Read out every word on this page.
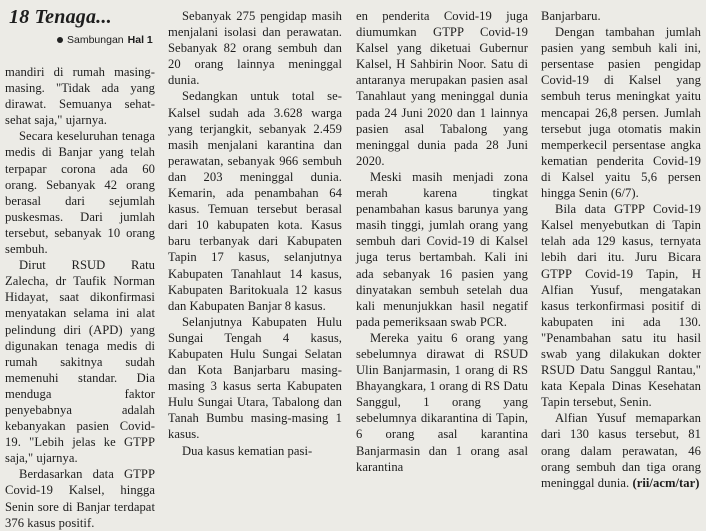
18 Tenaga...
Sambungan Hal 1

mandiri di rumah masing-masing. "Tidak ada yang dirawat. Semuanya sehat-sehat saja," ujarnya.

Secara keseluruhan tenaga medis di Banjar yang telah terpapar corona ada 60 orang. Sebanyak 42 orang berasal dari sejumlah puskesmas. Dari jumlah tersebut, sebanyak 10 orang sembuh.

Dirut RSUD Ratu Zalecha, dr Taufik Norman Hidayat, saat dikonfirmasi menyatakan selama ini alat pelindung diri (APD) yang digunakan tenaga medis di rumah sakitnya sudah memenuhi standar. Dia menduga faktor penyebabnya adalah kebanyakan pasien Covid-19. "Lebih jelas ke GTPP saja," ujarnya.

Berdasarkan data GTPP Covid-19 Kalsel, hingga Senin sore di Banjar terdapat 376 kasus positif.

Sebanyak 275 pengidap masih menjalani isolasi dan perawatan. Sebanyak 82 orang sembuh dan 20 orang lainnya meninggal dunia.

Sedangkan untuk total se-Kalsel sudah ada 3.628 warga yang terjangkit, sebanyak 2.459 masih menjalani karantina dan perawatan, sebanyak 966 sembuh dan 203 meninggal dunia. Kemarin, ada penambahan 64 kasus. Temuan tersebut berasal dari 10 kabupaten kota. Kasus baru terbanyak dari Kabupaten Tapin 17 kasus, selanjutnya Kabupaten Tanahlaut 14 kasus, Kabupaten Baritokuala 12 kasus dan Kabupaten Banjar 8 kasus.

Selanjutnya Kabupaten Hulu Sungai Tengah 4 kasus, Kabupaten Hulu Sungai Selatan dan Kota Banjarbaru masing-masing 3 kasus serta Kabupaten Hulu Sungai Utara, Tabalong dan Tanah Bumbu masing-masing 1 kasus.

Dua kasus kematian pasi-

en penderita Covid-19 juga diumumkan GTPP Covid-19 Kalsel yang diketuai Gubernur Kalsel, H Sahbirin Noor. Satu di antaranya merupakan pasien asal Tanahlaut yang meninggal dunia pada 24 Juni 2020 dan 1 lainnya pasien asal Tabalong yang meninggal dunia pada 28 Juni 2020.

Meski masih menjadi zona merah karena tingkat penambahan kasus barunya yang masih tinggi, jumlah orang yang sembuh dari Covid-19 di Kalsel juga terus bertambah. Kali ini ada sebanyak 16 pasien yang dinyatakan sembuh setelah dua kali menunjukkan hasil negatif pada pemeriksaan swab PCR.

Mereka yaitu 6 orang yang sebelumnya dirawat di RSUD Ulin Banjarmasin, 1 orang di RS Bhayangkara, 1 orang di RS Datu Sanggul, 1 orang yang sebelumnya dikarantina di Tapin, 6 orang asal karantina Banjarmasin dan 1 orang asal karantina

Banjarbaru.

Dengan tambahan jumlah pasien yang sembuh kali ini, persentase pasien pengidap Covid-19 di Kalsel yang sembuh terus meningkat yaitu mencapai 26,8 persen. Jumlah tersebut juga otomatis makin memperkecil persentase angka kematian penderita Covid-19 di Kalsel yaitu 5,6 persen hingga Senin (6/7).

Bila data GTPP Covid-19 Kalsel menyebutkan di Tapin telah ada 129 kasus, ternyata lebih dari itu. Juru Bicara GTPP Covid-19 Tapin, H Alfian Yusuf, mengatakan kasus terkonfirmasi positif di kabupaten ini ada 130. "Penambahan satu itu hasil swab yang dilakukan dokter RSUD Datu Sanggul Rantau," kata Kepala Dinas Kesehatan Tapin tersebut, Senin.

Alfian Yusuf memaparkan dari 130 kasus tersebut, 81 orang dalam perawatan, 46 orang sembuh dan tiga orang meninggal dunia. (rii/acm/tar)
